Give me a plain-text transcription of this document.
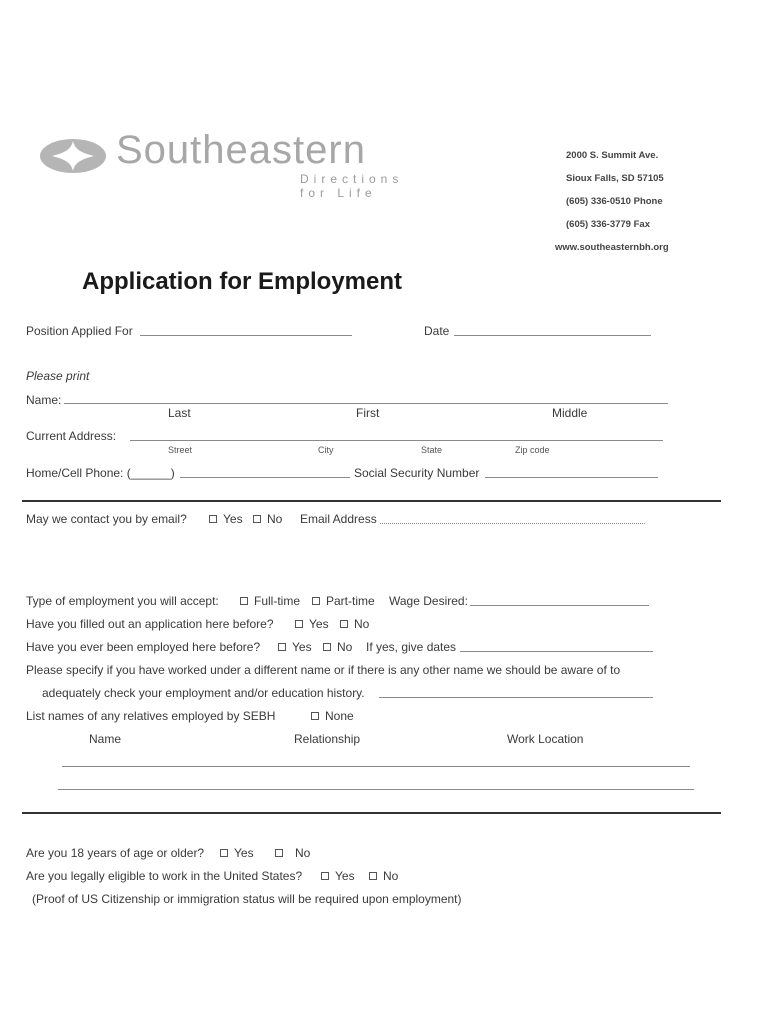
Southeastern
Directions for Life
2000 S. Summit Ave.
Sioux Falls, SD 57105
(605) 336-0510 Phone
(605) 336-3779 Fax
www.southeasternbh.org
Application for Employment
Position Applied For	Date
Please print
Name:
Last	First	Middle
Current Address:
Street	City	State	Zip code
Home/Cell Phone: (______)	Social Security Number
May we contact you by email?	Yes	No Email Address
Type of employment you will accept:	Full-time	Part-time Wage Desired:
Have you filled out an application here before?	Yes	No
Have you ever been employed here before?	Yes	No If yes, give dates
Please specify if you have worked under a different name or if there is any other name we should be aware of to
adequately check your employment and/or education history.
List names of any relatives employed by SEBH	None
Name	Relationship	Work Location
Are you 18 years of age or older?	Yes	No
Are you legally eligible to work in the United States?	Yes	No
(Proof of US Citizenship or immigration status will be required upon employment)
